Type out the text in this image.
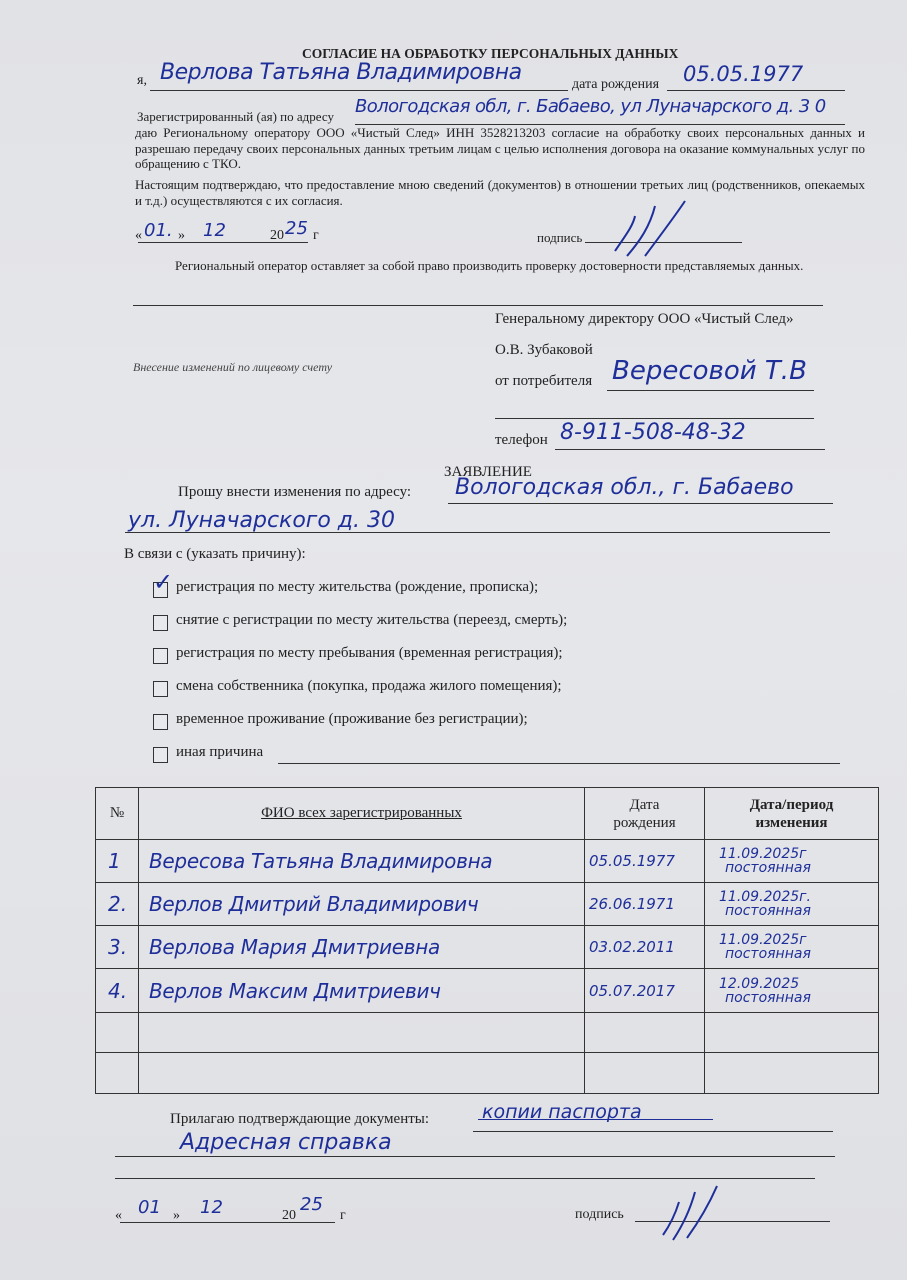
СОГЛАСИЕ НА ОБРАБОТКУ ПЕРСОНАЛЬНЫХ ДАННЫХ
я, Верлова Татьяна Владимировна	дата рождения 05.05.1977
Зарегистрированный (ая) по адресу Вологодская обл, г. Бабаево, ул Луначарского д. 3 0
даю Региональному оператору ООО «Чистый След» ИНН 3528213203 согласие на обработку своих персональных данных и разрешаю передачу своих персональных данных третьим лицам с целью исполнения договора на оказание коммунальных услуг по обращению с ТКО.
Настоящим подтверждаю, что предоставление мною сведений (документов) в отношении третьих лиц (родственников, опекаемых и т.д.) осуществляются с их согласия.
« 01. » 12	20 25 г	подпись
Региональный оператор оставляет за собой право производить проверку достоверности представляемых данных.
Генеральному директору ООО «Чистый След»
О.В. Зубаковой
Внесение изменений по лицевому счету
от потребителя Вересовой Т.В
телефон 8-911-508-48-32
ЗАЯВЛЕНИЕ
Прошу внести изменения по адресу: Вологодская обл., г. Бабаево
ул. Луначарского д. 30
В связи с (указать причину):
✓ регистрация по месту жительства (рождение, прописка);
снятие с регистрации по месту жительства (переезд, смерть);
регистрация по месту пребывания (временная регистрация);
смена собственника (покупка, продажа жилого помещения);
временное проживание (проживание без регистрации);
иная причина
№	ФИО всех зарегистрированных	Дата рождения	Дата/период изменения

1	Вересова Татьяна Владимировна	05.05.1977	11.09.2025г
постоянная

2.	Верлов Дмитрий Владимирович	26.06.1971	11.09.2025г.
постоянная

3.	Верлова Мария Дмитриевна	03.02.2011	11.09.2025г
постоянная

4.	Верлов Максим Дмитриевич	05.07.2017	12.09.2025
постоянная

Прилагаю подтверждающие документы:	копии паспорта
Адресная справка
« 01 » 12	20
25
г	подпись
